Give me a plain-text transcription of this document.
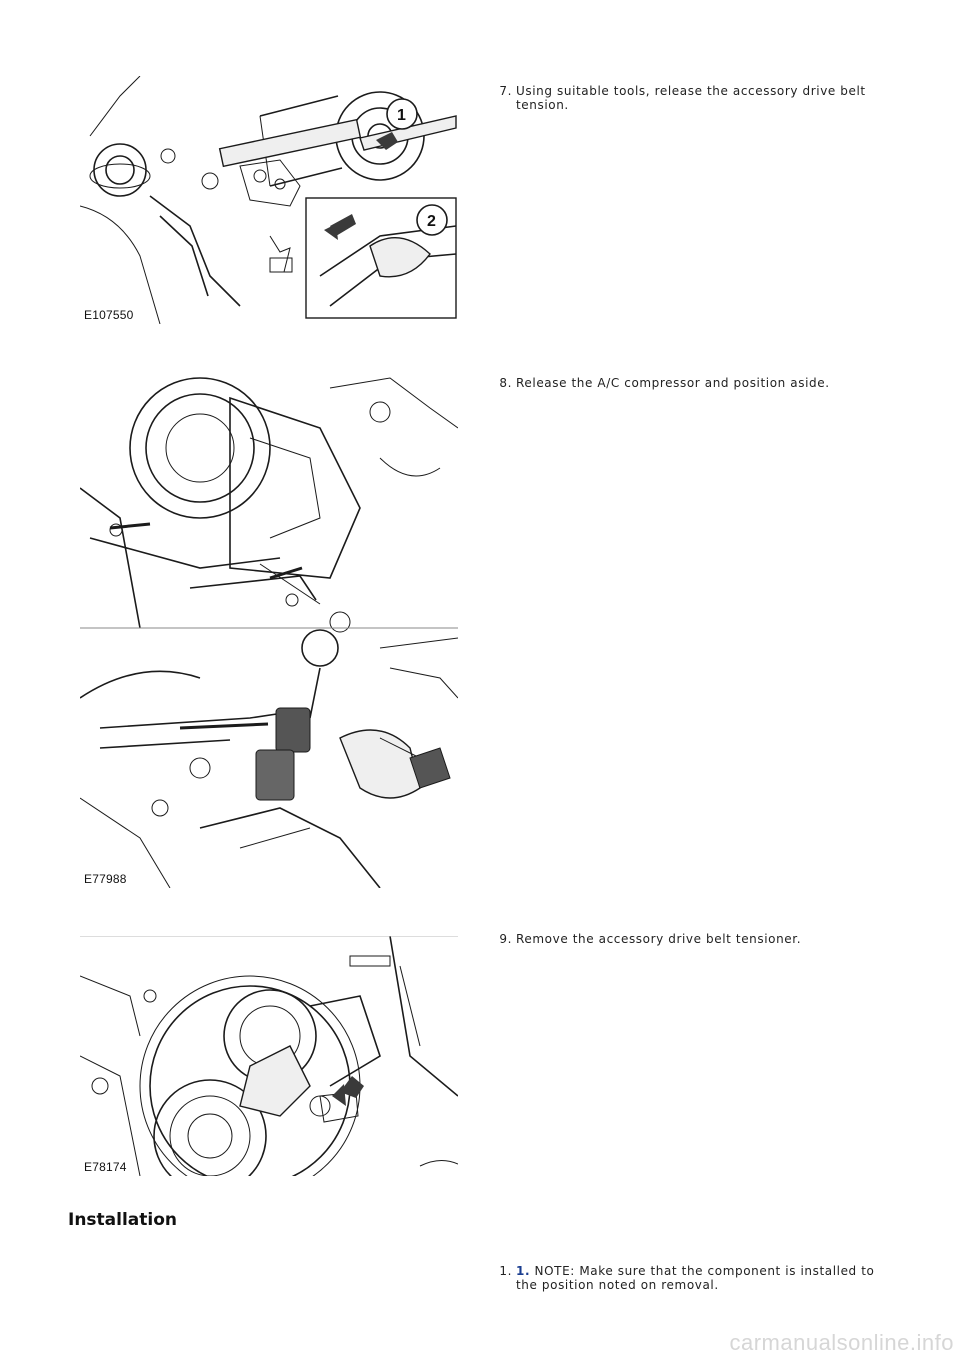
1
2
E107550
7. Using suitable tools, release the accessory drive belt tension.
E77988
8. Release the A/C compressor and position aside.
E78174
9. Remove the accessory drive belt tensioner.
Installation
1. 1. NOTE: Make sure that the component is installed to the position noted on removal.
carmanualsonline.info
